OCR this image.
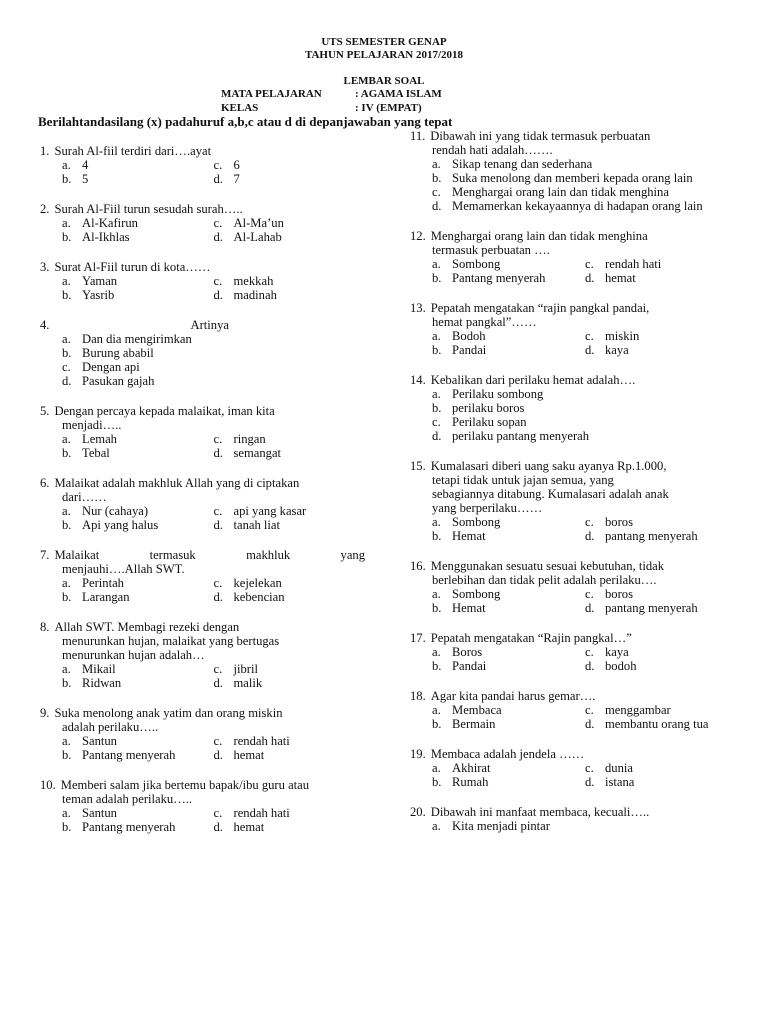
UTS SEMESTER GENAP
TAHUN PELAJARAN 2017/2018
LEMBAR SOAL
MATA PELAJARAN	: AGAMA ISLAM
KELAS	: IV (EMPAT)
Berilahtandasilang (x) padahuruf a,b,c atau d di depanjawaban yang tepat
1. Surah Al-fiil terdiri dari….ayat
a. 4	c. 6
b. 5	d. 7
2. Surah Al-Fiil turun sesudah surah…..
a. Al-Kafirun	c. Al-Ma’un
b. Al-Ikhlas	d. Al-Lahab
3. Surat Al-Fiil turun di kota……
a. Yaman	c. mekkah
b. Yasrib	d. madinah
4.	Artinya
a. Dan dia mengirimkan
b. Burung ababil
c. Dengan api
d. Pasukan gajah
5. Dengan percaya kepada malaikat, iman kita
menjadi…..
a. Lemah	c. ringan
b. Tebal	d. semangat
6. Malaikat adalah makhluk Allah yang di ciptakan
dari……
a. Nur (cahaya)	c. api yang kasar
b. Api yang halus	d. tanah liat
7. Malaikat termasuk makhluk yang
menjauhi….Allah SWT.
a. Perintah	c. kejelekan
b. Larangan	d. kebencian
8. Allah SWT. Membagi rezeki dengan
menurunkan hujan, malaikat yang bertugas
menurunkan hujan adalah…
a. Mikail	c. jibril
b. Ridwan	d. malik
9. Suka menolong anak yatim dan orang miskin
adalah perilaku…..
a. Santun	c. rendah hati
b. Pantang menyerah	d. hemat
10. Memberi salam jika bertemu bapak/ibu guru atau
teman adalah perilaku…..
a. Santun	c. rendah hati
b. Pantang menyerah	d. hemat
11. Dibawah ini yang tidak termasuk perbuatan
rendah hati adalah…….
a. Sikap tenang dan sederhana
b. Suka menolong dan memberi kepada orang lain
c. Menghargai orang lain dan tidak menghina
d. Memamerkan kekayaannya di hadapan orang lain
12. Menghargai orang lain dan tidak menghina
termasuk perbuatan ….
a. Sombong	c. rendah hati
b. Pantang menyerah	d. hemat
13. Pepatah mengatakan “rajin pangkal pandai,
hemat pangkal”……
a. Bodoh	c. miskin
b. Pandai	d. kaya
14. Kebalikan dari perilaku hemat adalah….
a. Perilaku sombong
b. perilaku boros
c. Perilaku sopan
d. perilaku pantang menyerah
15. Kumalasari diberi uang saku ayanya Rp.1.000,
tetapi tidak untuk jajan semua, yang
sebagiannya ditabung. Kumalasari adalah anak
yang berperilaku……
a. Sombong	c. boros
b. Hemat	d. pantang menyerah
16. Menggunakan sesuatu sesuai kebutuhan, tidak
berlebihan dan tidak pelit adalah perilaku….
a. Sombong	c. boros
b. Hemat	d. pantang menyerah
17. Pepatah mengatakan “Rajin pangkal…”
a. Boros	c. kaya
b. Pandai	d. bodoh
18. Agar kita pandai harus gemar….
a. Membaca	c. menggambar
b. Bermain	d. membantu orang tua
19. Membaca adalah jendela ……
a. Akhirat	c. dunia
b. Rumah	d. istana
20. Dibawah ini manfaat membaca, kecuali…..
a. Kita menjadi pintar
